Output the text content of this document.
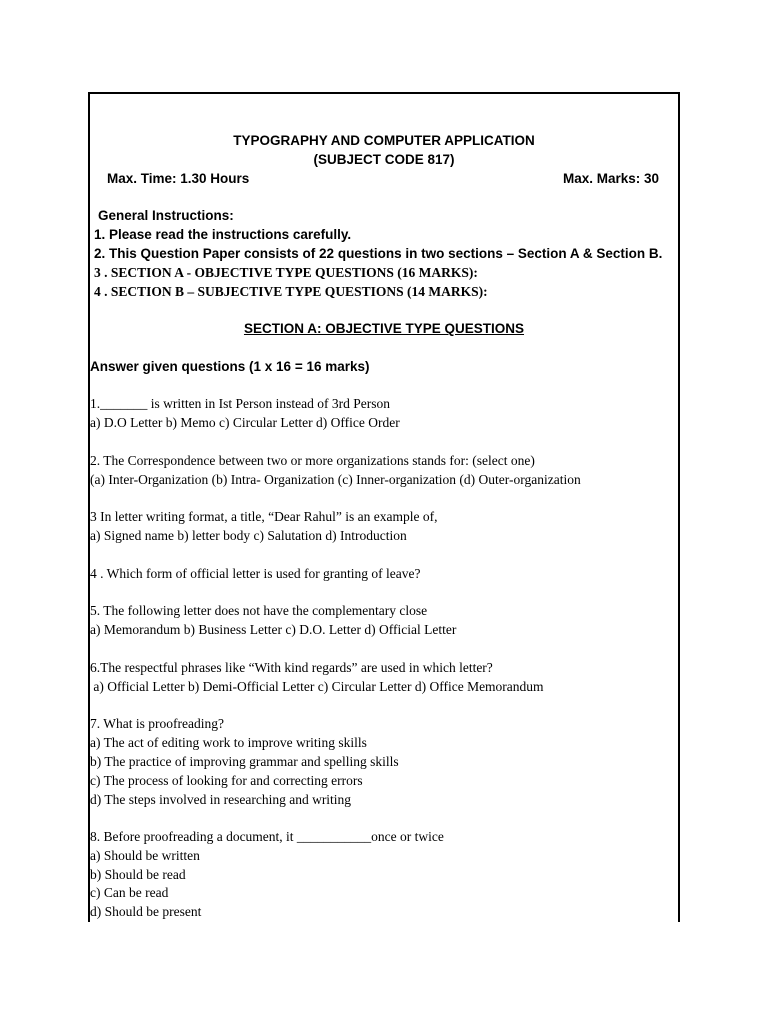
TYPOGRAPHY AND COMPUTER APPLICATION
(SUBJECT CODE 817)
Max. Time: 1.30 Hours	Max. Marks: 30
General Instructions:
1. Please read the instructions carefully.
2. This Question Paper consists of 22 questions in two sections – Section A & Section B.
3 . SECTION A - OBJECTIVE TYPE QUESTIONS (16 MARKS):
4 . SECTION B – SUBJECTIVE TYPE QUESTIONS (14 MARKS):
SECTION A: OBJECTIVE TYPE QUESTIONS
Answer given questions (1 x 16 = 16 marks)
1._______ is written in Ist Person instead of 3rd Person
a) D.O Letter b) Memo c) Circular Letter d) Office Order
2. The Correspondence between two or more organizations stands for: (select one)
(a) Inter-Organization (b) Intra- Organization (c) Inner-organization (d) Outer-organization
3 In letter writing format, a title, “Dear Rahul” is an example of,
a) Signed name b) letter body c) Salutation d) Introduction
4 . Which form of official letter is used for granting of leave?
5. The following letter does not have the complementary close
a) Memorandum b) Business Letter c) D.O. Letter d) Official Letter
6.The respectful phrases like “With kind regards” are used in which letter?
a) Official Letter b) Demi-Official Letter c) Circular Letter d) Office Memorandum
7. What is proofreading?
a) The act of editing work to improve writing skills
b) The practice of improving grammar and spelling skills
c) The process of looking for and correcting errors
d) The steps involved in researching and writing
8. Before proofreading a document, it ___________once or twice
a) Should be written
b) Should be read
c) Can be read
d) Should be present
